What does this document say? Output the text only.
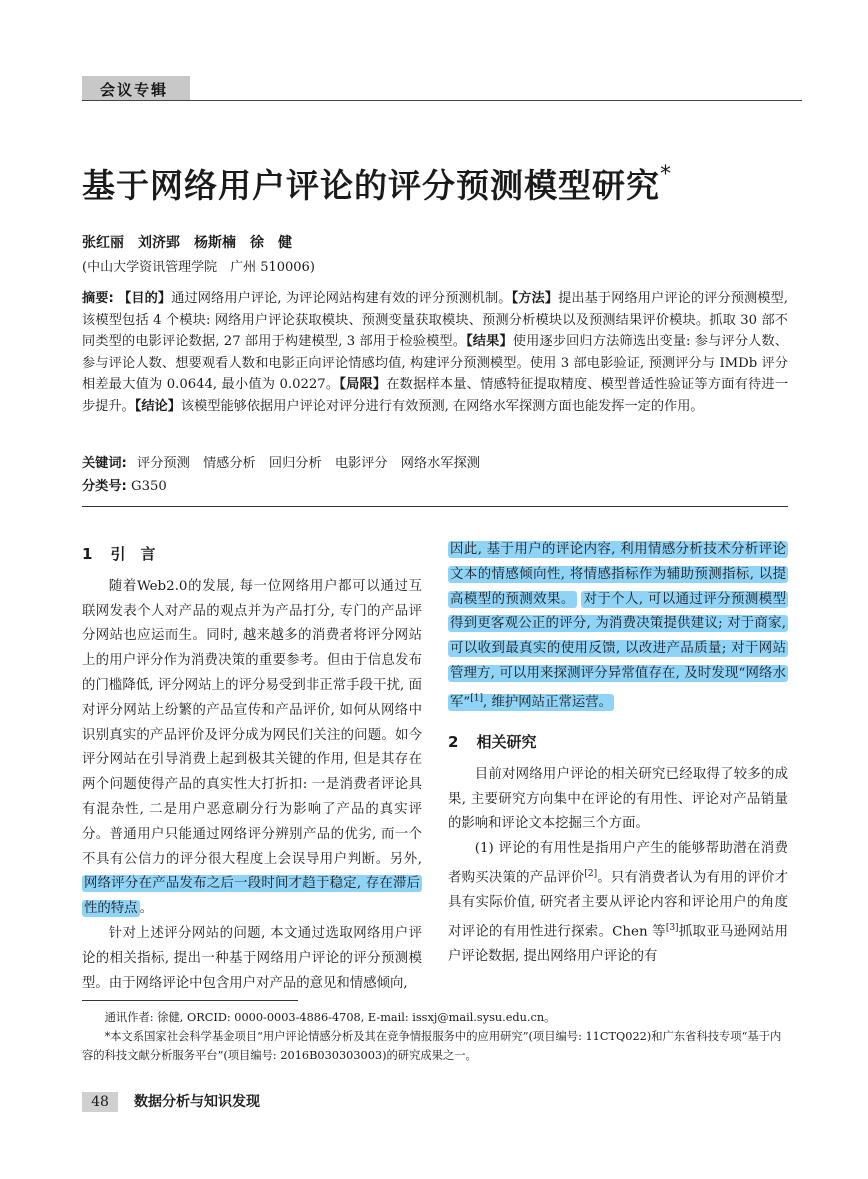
会议专辑
基于网络用户评论的评分预测模型研究*
张红丽　刘济郢　杨斯楠　徐　健
(中山大学资讯管理学院　广州 510006)
摘要: 【目的】通过网络用户评论, 为评论网站构建有效的评分预测机制。【方法】提出基于网络用户评论的评分预测模型, 该模型包括 4 个模块: 网络用户评论获取模块、预测变量获取模块、预测分析模块以及预测结果评价模块。抓取 30 部不同类型的电影评论数据, 27 部用于构建模型, 3 部用于检验模型。【结果】使用逐步回归方法筛选出变量: 参与评分人数、参与评论人数、想要观看人数和电影正向评论情感均值, 构建评分预测模型。使用 3 部电影验证, 预测评分与 IMDb 评分相差最大值为 0.0644, 最小值为 0.0227。【局限】在数据样本量、情感特征提取精度、模型普适性验证等方面有待进一步提升。【结论】该模型能够依据用户评论对评分进行有效预测, 在网络水军探测方面也能发挥一定的作用。
关键词: 评分预测　情感分析　回归分析　电影评分　网络水军探测
分类号: G350
1 引　言

随着Web2.0的发展, 每一位网络用户都可以通过互联网发表个人对产品的观点并为产品打分, 专门的产品评分网站也应运而生。同时, 越来越多的消费者将评分网站上的用户评分作为消费决策的重要参考。但由于信息发布的门槛降低, 评分网站上的评分易受到非正常手段干扰, 面对评分网站上纷繁的产品宣传和产品评价, 如何从网络中识别真实的产品评价及评分成为网民们关注的问题。如今评分网站在引导消费上起到极其关键的作用, 但是其存在两个问题使得产品的真实性大打折扣: 一是消费者评论具有混杂性, 二是用户恶意刷分行为影响了产品的真实评分。普通用户只能通过网络评分辨别产品的优劣, 而一个不具有公信力的评分很大程度上会误导用户判断。另外,网络评分在产品发布之后一段时间才趋于稳定, 存在滞后性的特点 。

针对上述评分网站的问题, 本文通过选取网络用户评论的相关指标, 提出一种基于网络用户评论的评分预测模型。由于网络评论中包含用户对产品的意见和情感倾向,

因此, 基于用户的评论内容, 利用情感分析技术分析评论文本的情感倾向性, 将情感指标作为辅助预测指标, 以提高模型的预测效果。 对于个人, 可以通过评分预测模型得到更客观公正的评分, 为消费决策提供建议; 对于商家, 可以收到最真实的使用反馈, 以改进产品质量; 对于网站管理方, 可以用来探测评分异常值存在, 及时发现“网络水军”[1], 维护网站正常运营。

2 相关研究

目前对网络用户评论的相关研究已经取得了较多的成果, 主要研究方向集中在评论的有用性、评论对产品销量的影响和评论文本挖掘三个方面。

(1) 评论的有用性是指用户产生的能够帮助潜在消费者购买决策的产品评价[2]。只有消费者认为有用的评价才具有实际价值, 研究者主要从评论内容和评论用户的角度对评论的有用性进行探索。Chen 等[3]抓取亚马逊网站用户评论数据, 提出网络用户评论的有

通讯作者: 徐健, ORCID: 0000-0003-4886-4708, E-mail: issxj@mail.sysu.edu.cn。

*本文系国家社会科学基金项目“用户评论情感分析及其在竞争情报服务中的应用研究”(项目编号: 11CTQ022)和广东省科技专项“基于内容的科技文献分析服务平台”(项目编号: 2016B030303003)的研究成果之一。

48	数据分析与知识发现
